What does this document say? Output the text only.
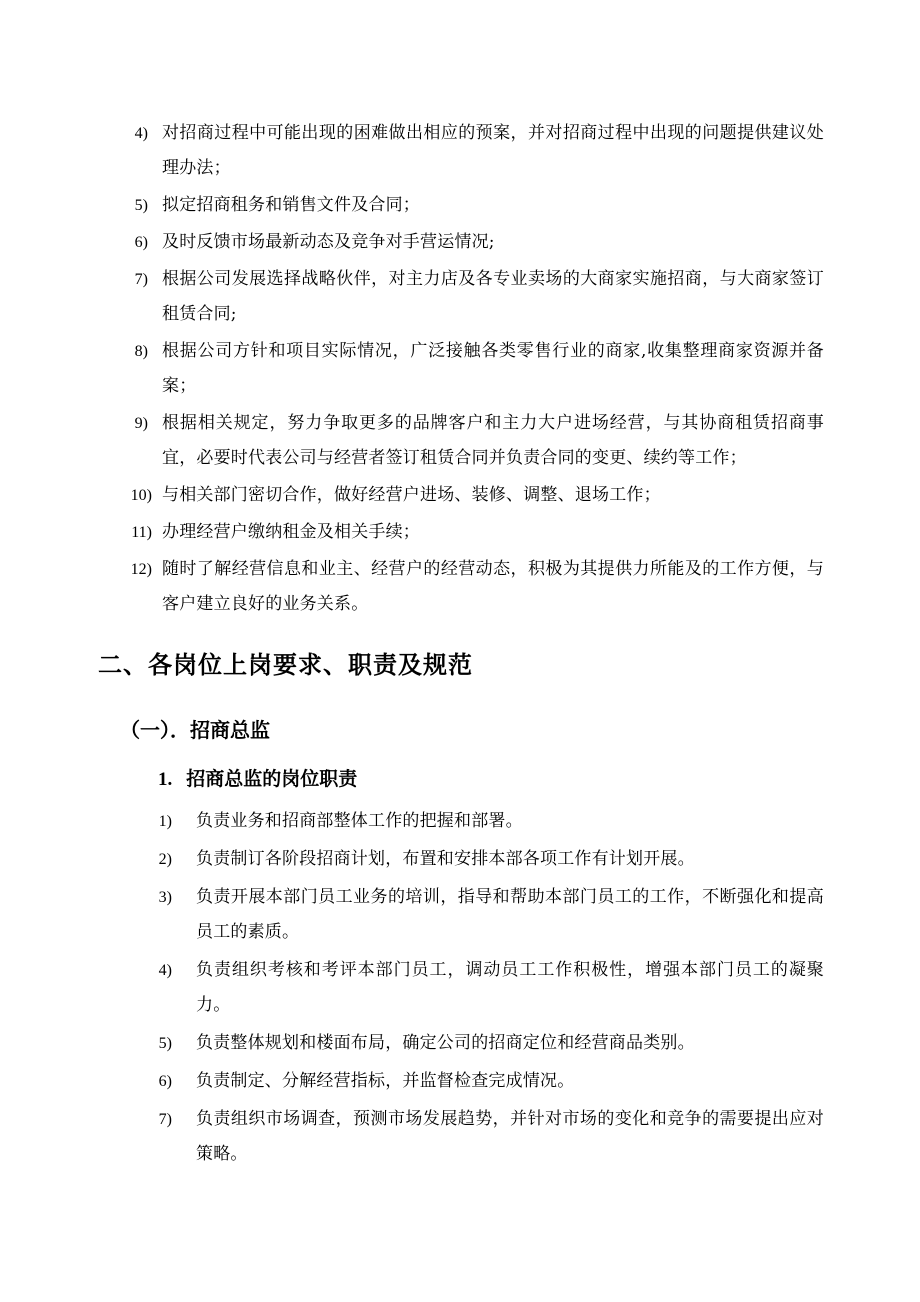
4) 对招商过程中可能出现的困难做出相应的预案，并对招商过程中出现的问题提供建议处理办法；
5) 拟定招商租务和销售文件及合同；
6) 及时反馈市场最新动态及竞争对手营运情况;
7) 根据公司发展选择战略伙伴，对主力店及各专业卖场的大商家实施招商，与大商家签订租赁合同;
8) 根据公司方针和项目实际情况，广泛接触各类零售行业的商家,收集整理商家资源并备案；
9) 根据相关规定，努力争取更多的品牌客户和主力大户进场经营，与其协商租赁招商事宜，必要时代表公司与经营者签订租赁合同并负责合同的变更、续约等工作；
10) 与相关部门密切合作，做好经营户进场、装修、调整、退场工作；
11) 办理经营户缴纳租金及相关手续；
12) 随时了解经营信息和业主、经营户的经营动态，积极为其提供力所能及的工作方便，与客户建立良好的业务关系。
二、各岗位上岗要求、职责及规范
（一）．招商总监
1. 招商总监的岗位职责
1) 负责业务和招商部整体工作的把握和部署。
2) 负责制订各阶段招商计划，布置和安排本部各项工作有计划开展。
3) 负责开展本部门员工业务的培训，指导和帮助本部门员工的工作，不断强化和提高员工的素质。
4) 负责组织考核和考评本部门员工，调动员工工作积极性，增强本部门员工的凝聚力。
5) 负责整体规划和楼面布局，确定公司的招商定位和经营商品类别。
6) 负责制定、分解经营指标，并监督检查完成情况。
7) 负责组织市场调查，预测市场发展趋势，并针对市场的变化和竞争的需要提出应对策略。
